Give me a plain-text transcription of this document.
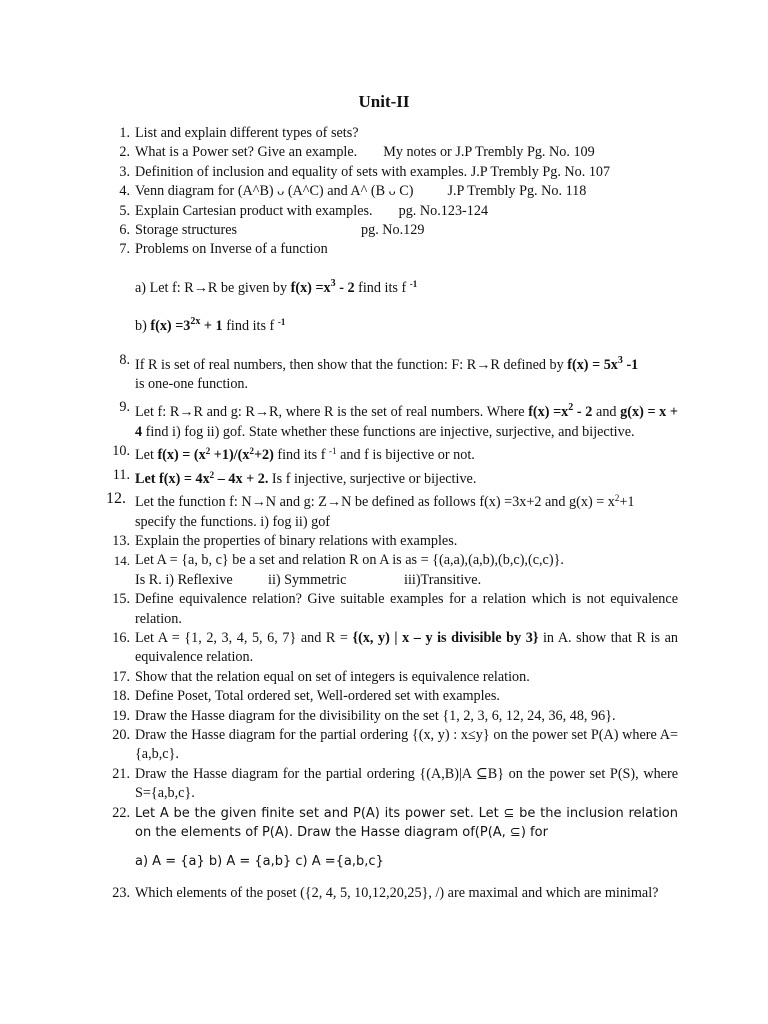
Unit-II
1. List and explain different types of sets?
2. What is a Power set? Give an example. My notes or J.P Trembly Pg. No. 109
3. Definition of inclusion and equality of sets with examples. J.P Trembly Pg. No. 107
4. Venn diagram for (A^B) ᴗ (A^C) and A^ (B ᴗ C) J.P Trembly Pg. No. 118
5. Explain Cartesian product with examples. pg. No.123-124
6. Storage structures	pg. No.129
7. Problems on Inverse of a function
a) Let f: R→R be given by $f(x) =x^3 - 2$ find its f $^{-1}$
b) $f(x) =3^{2x} + 1$ find its f $^{-1}$
8. If R is set of real numbers, then show that the function: F: R→R defined by $f(x) = 5x^3$ -1
is one-one function.
9. Let f: R→R and g: R→R, where R is the set of real numbers. Where $f(x) =x^2 - 2$ and g(x) = x + 4 find i) fog ii) gof. State whether these functions are injective, surjective, and bijective.
10. Let $f(x) = (x^2 +1)/(x^2+2)$ find its f $^{-1}$ and f is bijective or not.
11. Let $f(x) = 4x^2 - 4x + 2$. Is f injective, surjective or bijective.
12. Let the function f: N→N and g: Z→N be defined as follows f(x) =3x+2 and $g(x) = x^2+1$
specify the functions. i) fog ii) gof
13. Explain the properties of binary relations with examples.
14. Let A = {a, b, c} be a set and relation R on A is as = {(a,a),(a,b),(b,c),(c,c)}.
Is R. i) Reflexive ii) Symmetric	iii)Transitive.
15. Define equivalence relation? Give suitable examples for a relation which is not equivalence relation.
16. Let A = {1, 2, 3, 4, 5, 6, 7} and R = {(x, y) | x – y is divisible by 3} in A. show that R is an equivalence relation.
17. Show that the relation equal on set of integers is equivalence relation.
18. Define Poset, Total ordered set, Well-ordered set with examples.
19. Draw the Hasse diagram for the divisibility on the set {1, 2, 3, 6, 12, 24, 36, 48, 96}.
20. Draw the Hasse diagram for the partial ordering {(x, y) : x≤y} on the power set P(A) where A={a,b,c}.
21. Draw the Hasse diagram for the partial ordering {(A,B)|A ⊆B} on the power set P(S), where S={a,b,c}.
22. Let A be the given finite set and P(A) its power set. Let ⊆ be the inclusion relation on the elements of P(A). Draw the Hasse diagram of(P(A, ⊆) for
a) A = {a} b) A = {a,b} c) A ={a,b,c}
23. Which elements of the poset ({2, 4, 5, 10,12,20,25}, /) are maximal and which are minimal?
